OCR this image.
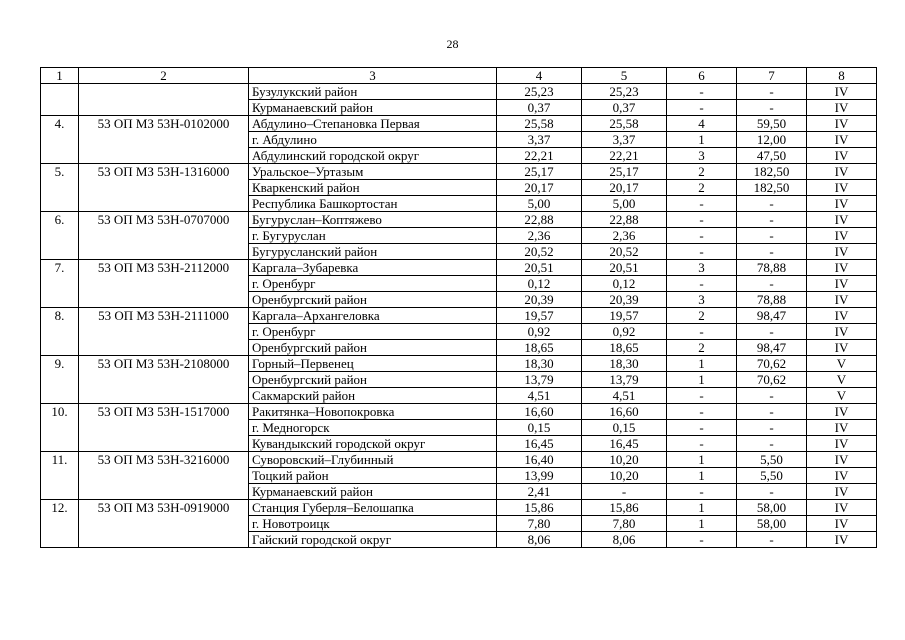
28
1	2	3	4	5	6	7	8
		Бузулукский район	25,23	25,23	-	-	IV
		Курманаевский район	0,37	0,37	-	-	IV
4.	53 ОП МЗ 53Н-0102000	Абдулино–Степановка Первая	25,58	25,58	4	59,50	IV
		г. Абдулино	3,37	3,37	1	12,00	IV
		Абдулинский городской округ	22,21	22,21	3	47,50	IV
5.	53 ОП МЗ 53Н-1316000	Уральское–Уртазым	25,17	25,17	2	182,50	IV
		Кваркенский район	20,17	20,17	2	182,50	IV
		Республика Башкортостан	5,00	5,00	-	-	IV
6.	53 ОП МЗ 53Н-0707000	Бугуруслан–Коптяжево	22,88	22,88	-	-	IV
		г. Бугуруслан	2,36	2,36	-	-	IV
		Бугурусланский район	20,52	20,52	-	-	IV
7.	53 ОП МЗ 53Н-2112000	Каргала–Зубаревка	20,51	20,51	3	78,88	IV
		г. Оренбург	0,12	0,12	-	-	IV
		Оренбургский район	20,39	20,39	3	78,88	IV
8.	53 ОП МЗ 53Н-2111000	Каргала–Архангеловка	19,57	19,57	2	98,47	IV
		г. Оренбург	0,92	0,92	-	-	IV
		Оренбургский район	18,65	18,65	2	98,47	IV
9.	53 ОП МЗ 53Н-2108000	Горный–Первенец	18,30	18,30	1	70,62	V
		Оренбургский район	13,79	13,79	1	70,62	V
		Сакмарский район	4,51	4,51	-	-	V
10.	53 ОП МЗ 53Н-1517000	Ракитянка–Новопокровка	16,60	16,60	-	-	IV
		г. Медногорск	0,15	0,15	-	-	IV
		Кувандыкский городской округ	16,45	16,45	-	-	IV
11.	53 ОП МЗ 53Н-3216000	Суворовский–Глубинный	16,40	10,20	1	5,50	IV
		Тоцкий район	13,99	10,20	1	5,50	IV
		Курманаевский район	2,41	-	-	-	IV
12.	53 ОП МЗ 53Н-0919000	Станция Губерля–Белошапка	15,86	15,86	1	58,00	IV
		г. Новотроицк	7,80	7,80	1	58,00	IV
		Гайский городской округ	8,06	8,06	-	-	IV
